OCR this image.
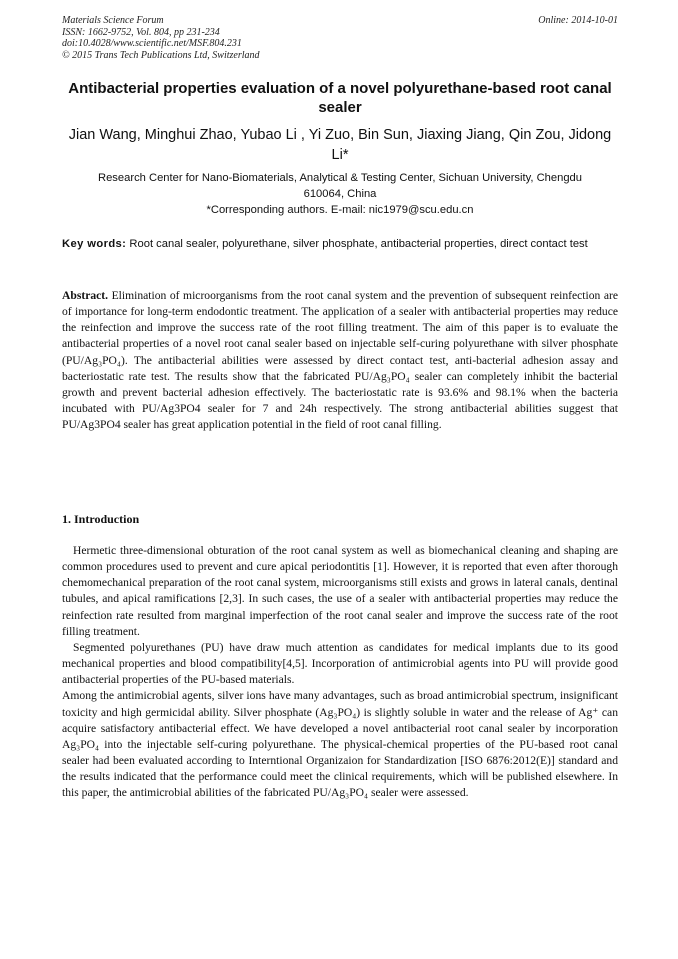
Materials Science Forum
ISSN: 1662-9752, Vol. 804, pp 231-234
doi:10.4028/www.scientific.net/MSF.804.231
© 2015 Trans Tech Publications Ltd, Switzerland
Online: 2014-10-01
Antibacterial properties evaluation of a novel polyurethane-based root canal sealer
Jian Wang, Minghui Zhao, Yubao Li , Yi Zuo, Bin Sun, Jiaxing Jiang, Qin Zou, Jidong Li*
Research Center for Nano-Biomaterials, Analytical & Testing Center, Sichuan University, Chengdu
610064, China
*Corresponding authors. E-mail: nic1979@scu.edu.cn
Key words: Root canal sealer, polyurethane, silver phosphate, antibacterial properties, direct contact test
Abstract. Elimination of microorganisms from the root canal system and the prevention of subsequent reinfection are of importance for long-term endodontic treatment. The application of a sealer with antibacterial properties may reduce the reinfection and improve the success rate of the root filling treatment. The aim of this paper is to evaluate the antibacterial properties of a novel root canal sealer based on injectable self-curing polyurethane with silver phosphate (PU/Ag₃PO₄). The antibacterial abilities were assessed by direct contact test, anti-bacterial adhesion assay and bacteriostatic rate test. The results show that the fabricated PU/Ag₃PO₄ sealer can completely inhibit the bacterial growth and prevent bacterial adhesion effectively. The bacteriostatic rate is 93.6% and 98.1% when the bacteria incubated with PU/Ag3PO4 sealer for 7 and 24h respectively. The strong antibacterial abilities suggest that PU/Ag3PO4 sealer has great application potential in the field of root canal filling.
1. Introduction

Hermetic three-dimensional obturation of the root canal system as well as biomechanical cleaning and shaping are common procedures used to prevent and cure apical periodontitis [1]. However, it is reported that even after thorough chemomechanical preparation of the root canal system, microorganisms still exists and grows in lateral canals, dentinal tubules, and apical ramifications [2,3]. In such cases, the use of a sealer with antibacterial properties may reduce the reinfection rate resulted from marginal imperfection of the root canal sealer and improve the success rate of the root filling treatment.

Segmented polyurethanes (PU) have draw much attention as candidates for medical implants due to its good mechanical properties and blood compatibility[4,5]. Incorporation of antimicrobial agents into PU will provide good antibacterial properties of the PU-based materials.

Among the antimicrobial agents, silver ions have many advantages, such as broad antimicrobial spectrum, insignificant toxicity and high germicidal ability. Silver phosphate (Ag₃PO₄) is slightly soluble in water and the release of Ag⁺ can acquire satisfactory antibacterial effect. We have developed a novel antibacterial root canal sealer by incorporation Ag₃PO₄ into the injectable self-curing polyurethane. The physical-chemical properties of the PU-based root canal sealer had been evaluated according to Interntional Organizaion for Standardization [ISO 6876:2012(E)] standard and the results indicated that the performance could meet the clinical requirements, which will be published elsewhere. In this paper, the antimicrobial abilities of the fabricated PU/Ag₃PO₄ sealer were assessed.
